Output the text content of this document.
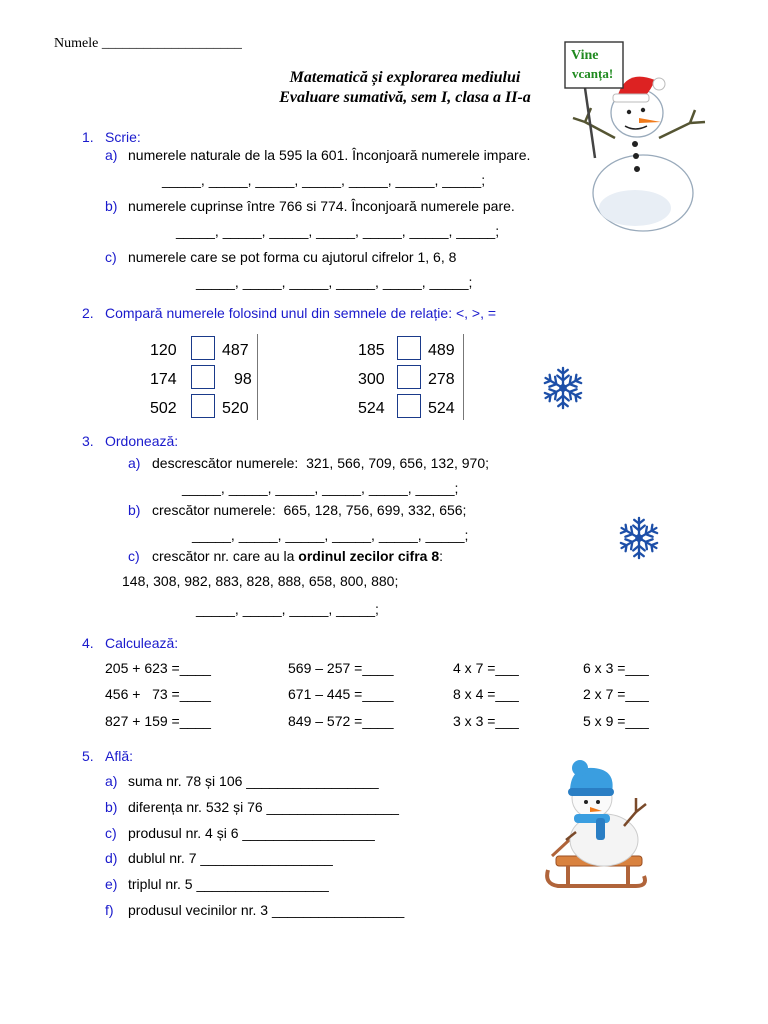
Numele ____________________
Matematică și explorarea mediului
Evaluare sumativă, sem I, clasa a II-a
Vine
vcanța!
1. Scrie:
a) numerele naturale de la 595 la 601. Înconjoară numerele impare.
_____, _____, _____, _____, _____, _____, _____;
b) numerele cuprinse între 766 si 774. Înconjoară numerele pare.
_____, _____, _____, _____, _____, _____, _____;
c) numerele care se pot forma cu ajutorul cifrelor 1, 6, 8
_____, _____, _____, _____, _____, _____;
2. Compară numerele folosind unul din semnele de relație: <, >, =
120	487
174	98
502	520
185	489
300	278
524	524
3. Ordonează:
a) descrescător numerele: 321, 566, 709, 656, 132, 970;
_____, _____, _____, _____, _____, _____;
b) crescător numerele: 665, 128, 756, 699, 332, 656;
_____, _____, _____, _____, _____, _____;
c) crescător nr. care au la ordinul zecilor cifra 8:
148, 308, 982, 883, 828, 888, 658, 800, 880;
_____, _____, _____, _____;
4. Calculează:
205 + 623 =____	569 – 257 =____	4 x 7 =___	6 x 3 =___
456 +   73 =____	671 – 445 =____	8 x 4 =___	2 x 7 =___
827 + 159 =____	849 – 572 =____	3 x 3 =___	5 x 9 =___
5. Află:
a) suma nr. 78 și 106 _________________
b) diferența nr. 532 și 76 _________________
c) produsul nr. 4 și 6 _________________
d) dublul nr. 7 _________________
e) triplul nr. 5 _________________
f) produsul vecinilor nr. 3 _________________
